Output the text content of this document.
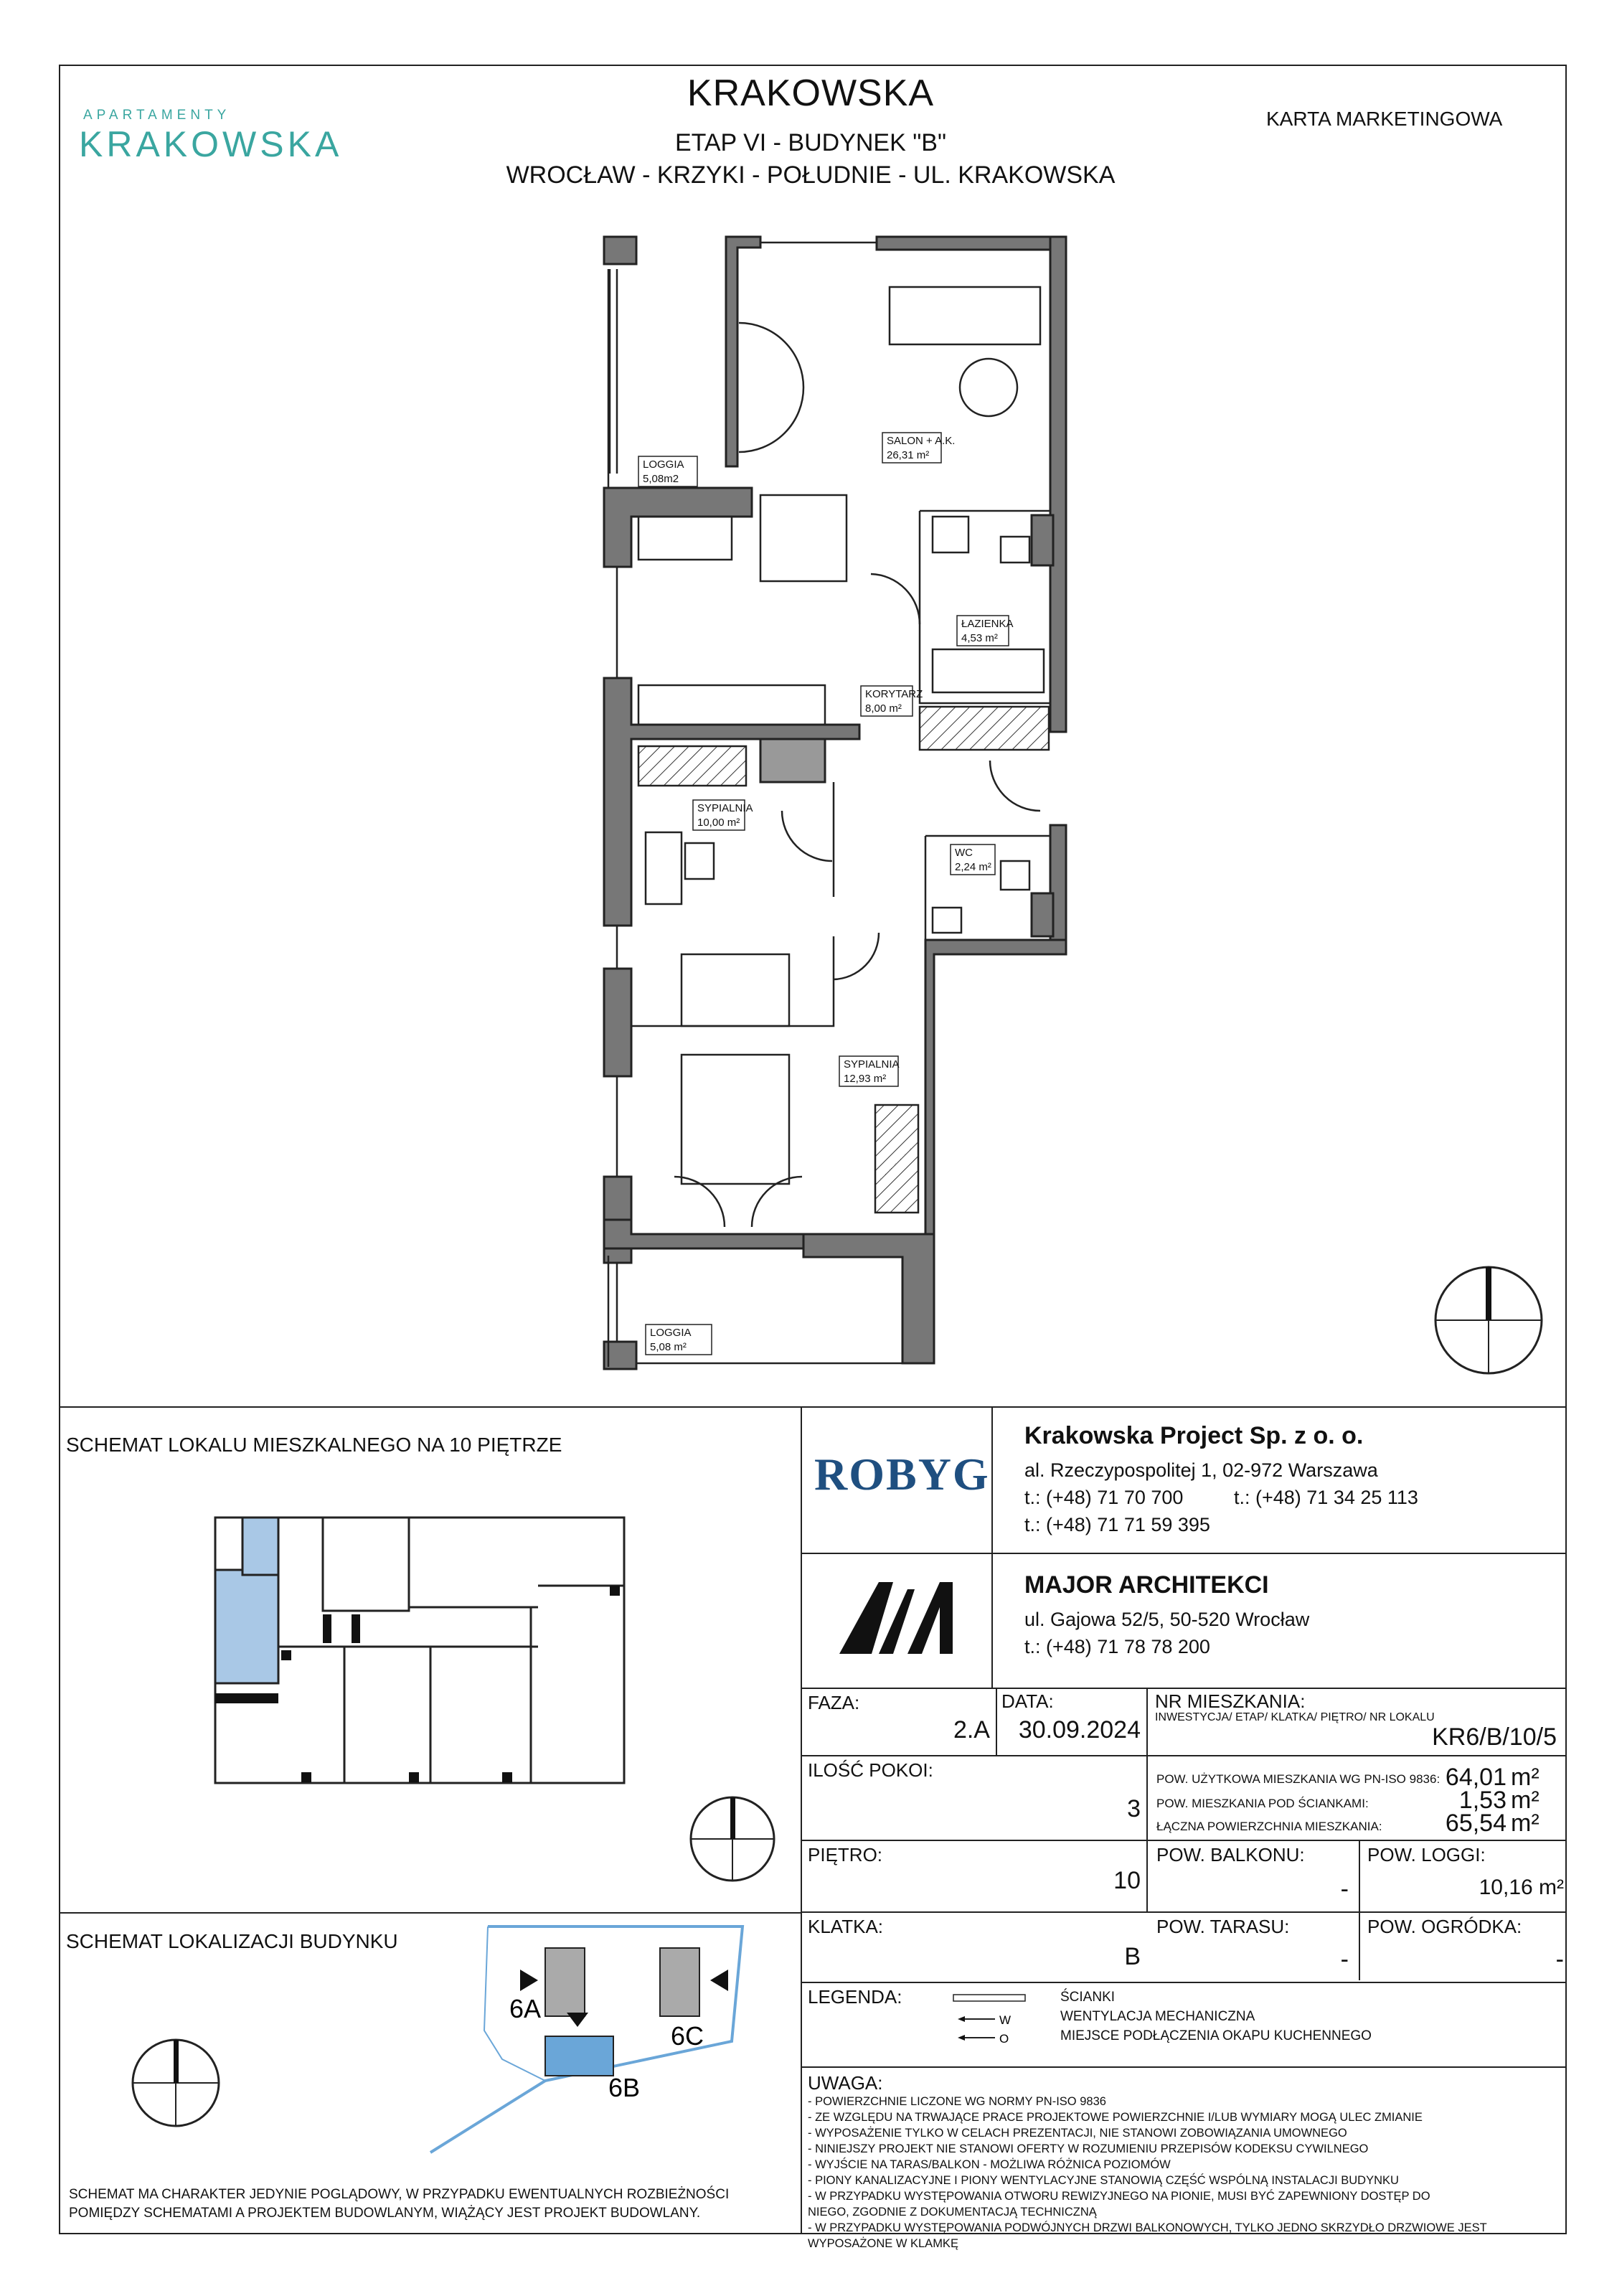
KRAKOWSKA
ETAP VI - BUDYNEK "B"
WROCŁAW - KRZYKI - POŁUDNIE - UL. KRAKOWSKA
KARTA MARKETINGOWA
APARTAMENTY
KRAKOWSKA
SALON + A.K.
26,31 m²
ŁAZIENKA
4,53 m²
KORYTARZ
8,00 m²
SYPIALNIA
10,00 m²
WC
2,24 m²
SYPIALNIA
12,93 m²
LOGGIA
5,08m2
LOGGIA
5,08 m²
SCHEMAT LOKALU MIESZKALNEGO NA 10 PIĘTRZE
SCHEMAT LOKALIZACJI BUDYNKU
6A
6C
6B
SCHEMAT MA CHARAKTER JEDYNIE POGLĄDOWY, W PRZYPADKU EWENTUALNYCH ROZBIEŻNOŚCI
POMIĘDZY SCHEMATAMI A PROJEKTEM BUDOWLANYM, WIĄŻĄCY JEST PROJEKT BUDOWLANY.
ROBYG
Krakowska Project Sp. z o. o.
al. Rzeczypospolitej 1, 02-972 Warszawa
t.: (+48) 71 70 700	t.: (+48) 71 34 25 113
t.: (+48) 71 71 59 395
MAJOR ARCHITEKCI
ul. Gajowa 52/5, 50-520 Wrocław
t.: (+48) 71 78 78 200
FAZA:
2.A
DATA:
30.09.2024
NR MIESZKANIA:
INWESTYCJA/ ETAP/ KLATKA/ PIĘTRO/ NR LOKALU
KR6/B/10/5
ILOŚĆ POKOI:
3
POW. UŻYTKOWA MIESZKANIA WG PN-ISO 9836: 64,01 m²
POW. MIESZKANIA POD ŚCIANKAMI:	1,53 m²
ŁĄCZNA POWIERZCHNIA MIESZKANIA:	65,54 m²
PIĘTRO:
10
POW. BALKONU:
-
POW. LOGGI:
10,16 m²
KLATKA:
B
POW. TARASU:
-
POW. OGRÓDKA:
-
LEGENDA:
W
O
ŚCIANKI
WENTYLACJA MECHANICZNA
MIEJSCE PODŁĄCZENIA OKAPU KUCHENNEGO
UWAGA:
- POWIERZCHNIE LICZONE WG NORMY PN-ISO 9836
- ZE WZGLĘDU NA TRWAJĄCE PRACE PROJEKTOWE POWIERZCHNIE I/LUB WYMIARY MOGĄ ULEC ZMIANIE
- WYPOSAŻENIE TYLKO W CELACH PREZENTACJI, NIE STANOWI ZOBOWIĄZANIA UMOWNEGO
- NINIEJSZY PROJEKT NIE STANOWI OFERTY W ROZUMIENIU PRZEPISÓW KODEKSU CYWILNEGO
- WYJŚCIE NA TARAS/BALKON - MOŻLIWA RÓŻNICA POZIOMÓW
- PIONY KANALIZACYJNE I PIONY WENTYLACYJNE STANOWIĄ CZĘŚĆ WSPÓLNĄ INSTALACJI BUDYNKU
- W PRZYPADKU WYSTĘPOWANIA OTWORU REWIZYJNEGO NA PIONIE, MUSI BYĆ ZAPEWNIONY DOSTĘP DO
NIEGO, ZGODNIE Z DOKUMENTACJĄ TECHNICZNĄ
- W PRZYPADKU WYSTĘPOWANIA PODWÓJNYCH DRZWI BALKONOWYCH, TYLKO JEDNO SKRZYDŁO DRZWIOWE JEST
WYPOSAŻONE W KLAMKĘ
